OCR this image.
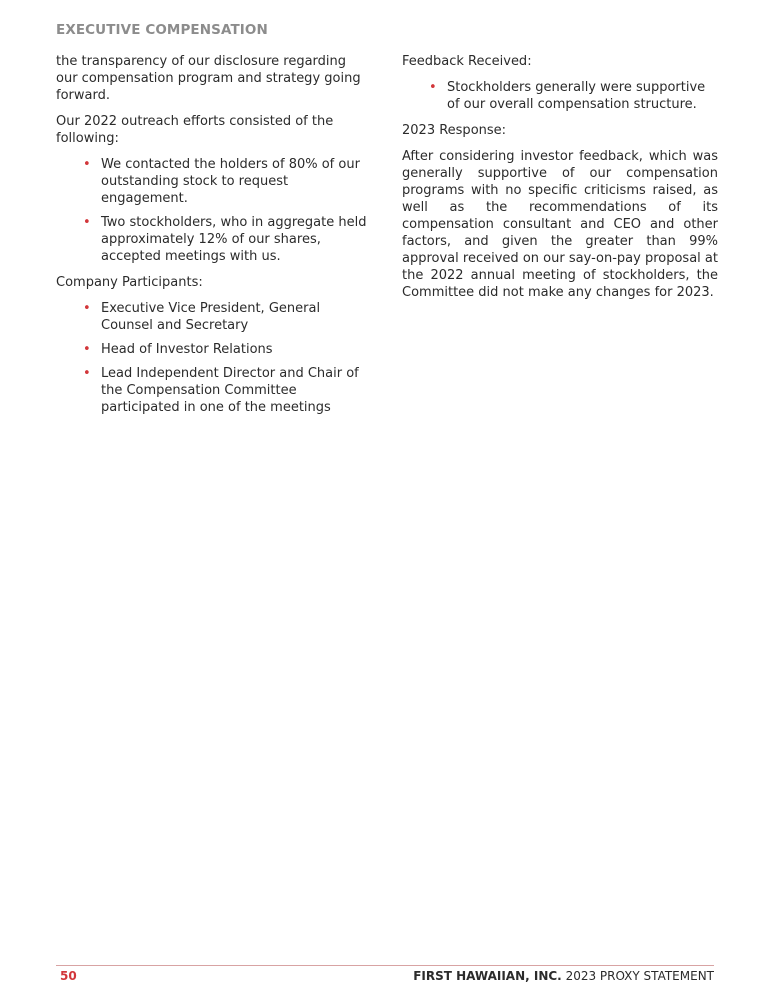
EXECUTIVE COMPENSATION

the transparency of our disclosure regarding our compensation program and strategy going forward.

Our 2022 outreach efforts consisted of the following:

• We contacted the holders of 80% of our outstanding stock to request engagement.
• Two stockholders, who in aggregate held approximately 12% of our shares, accepted meetings with us.

Company Participants:

• Executive Vice President, General Counsel and Secretary
• Head of Investor Relations
• Lead Independent Director and Chair of the Compensation Committee participated in one of the meetings

Feedback Received:

• Stockholders generally were supportive of our overall compensation structure.

2023 Response:

After considering investor feedback, which was generally supportive of our compensation programs with no specific criticisms raised, as well as the recommendations of its compensation consultant and CEO and other factors, and given the greater than 99% approval received on our say-on-pay proposal at the 2022 annual meeting of stockholders, the Committee did not make any changes for 2023.

50	FIRST HAWAIIAN, INC. 2023 PROXY STATEMENT
